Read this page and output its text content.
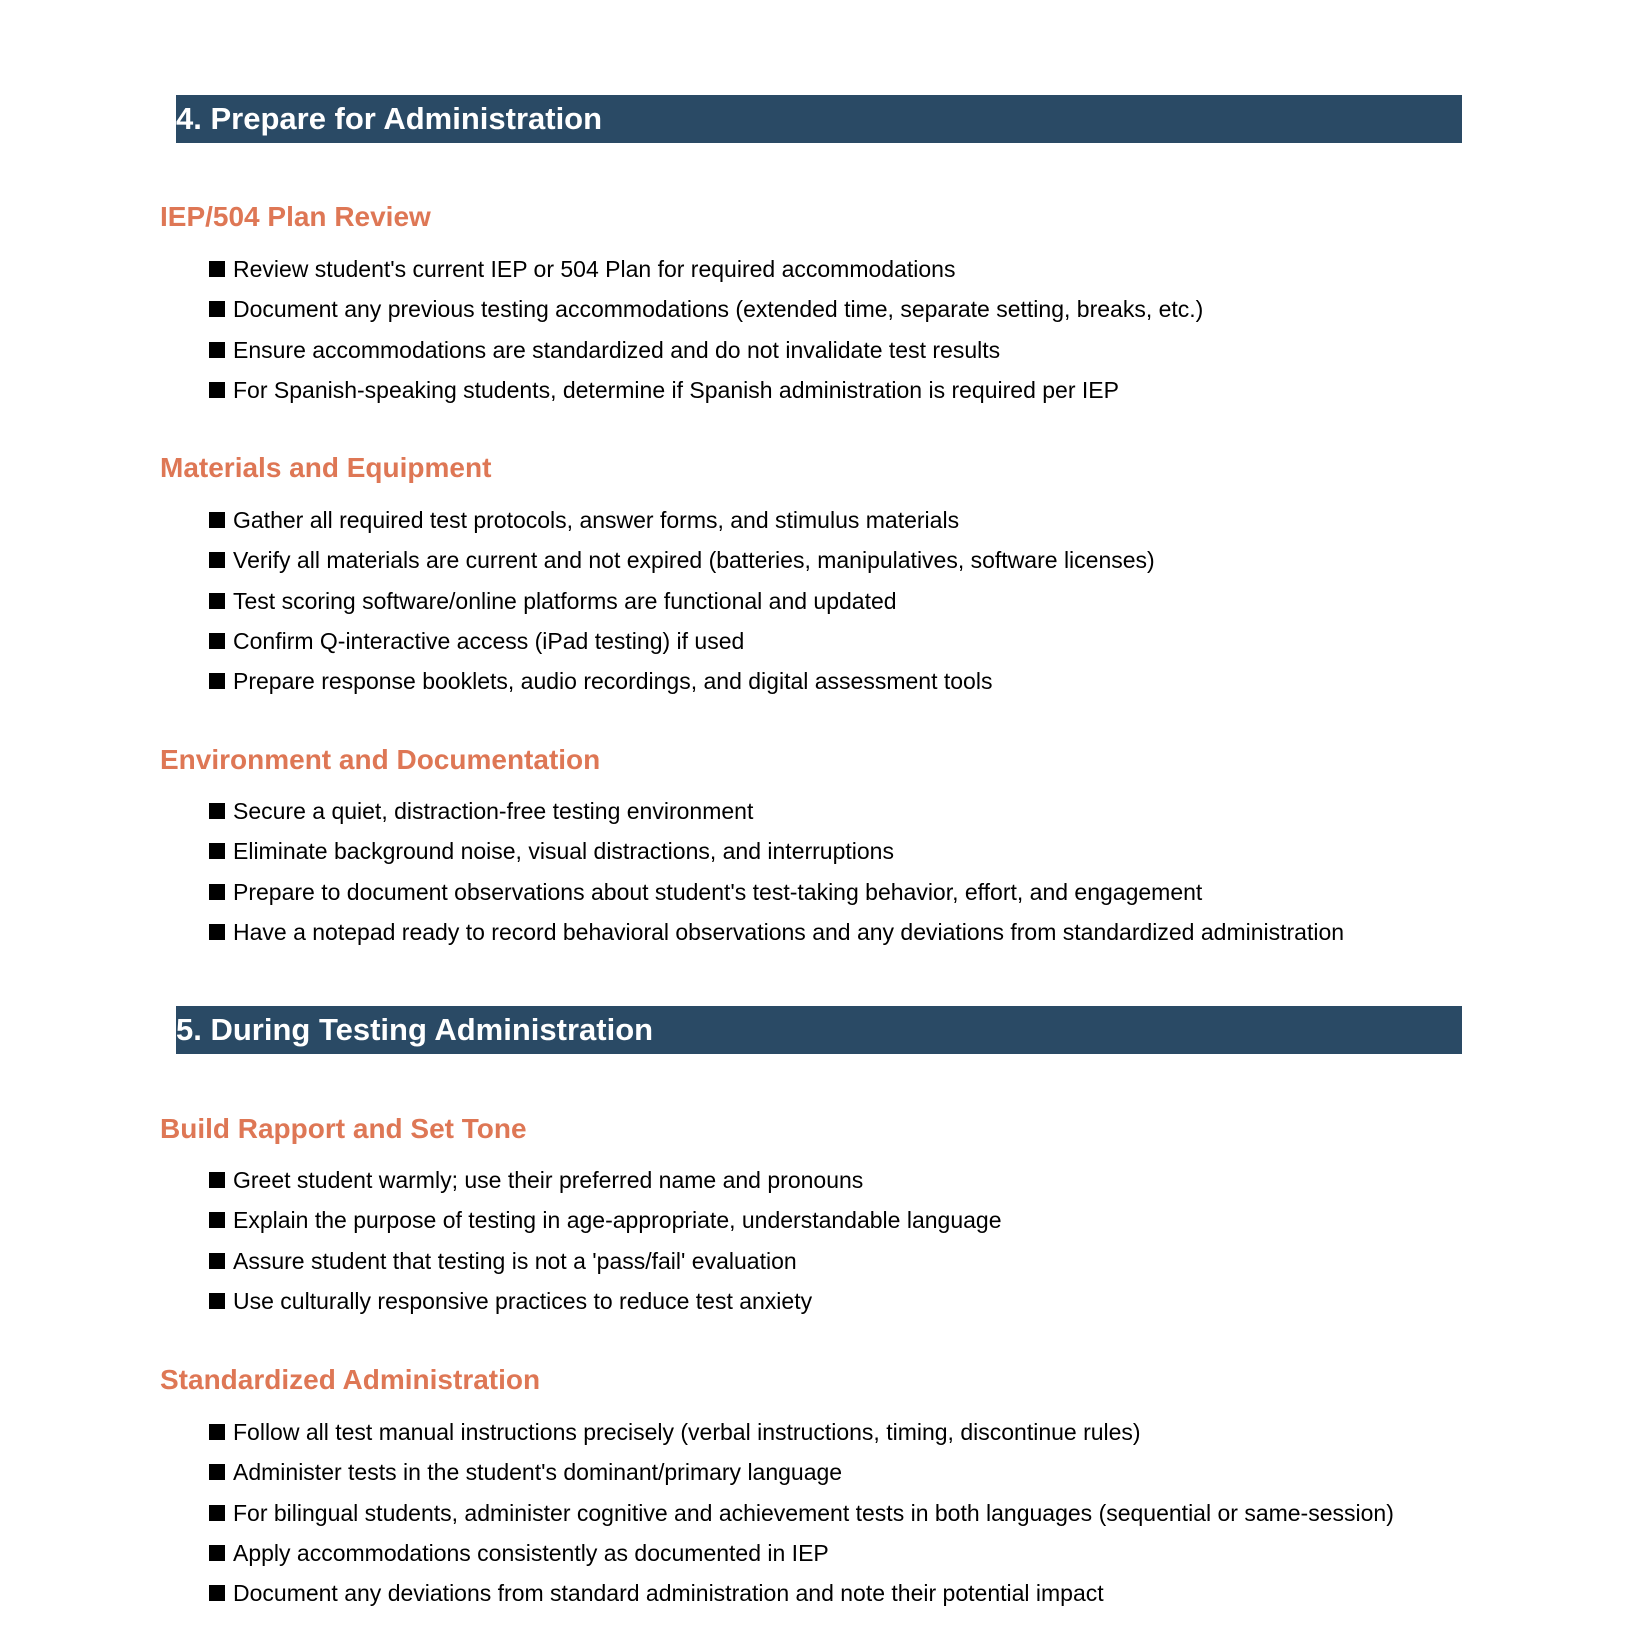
4. Prepare for Administration
IEP/504 Plan Review
Review student's current IEP or 504 Plan for required accommodations
Document any previous testing accommodations (extended time, separate setting, breaks, etc.)
Ensure accommodations are standardized and do not invalidate test results
For Spanish-speaking students, determine if Spanish administration is required per IEP
Materials and Equipment
Gather all required test protocols, answer forms, and stimulus materials
Verify all materials are current and not expired (batteries, manipulatives, software licenses)
Test scoring software/online platforms are functional and updated
Confirm Q-interactive access (iPad testing) if used
Prepare response booklets, audio recordings, and digital assessment tools
Environment and Documentation
Secure a quiet, distraction-free testing environment
Eliminate background noise, visual distractions, and interruptions
Prepare to document observations about student's test-taking behavior, effort, and engagement
Have a notepad ready to record behavioral observations and any deviations from standardized administration
5. During Testing Administration
Build Rapport and Set Tone
Greet student warmly; use their preferred name and pronouns
Explain the purpose of testing in age-appropriate, understandable language
Assure student that testing is not a 'pass/fail' evaluation
Use culturally responsive practices to reduce test anxiety
Standardized Administration
Follow all test manual instructions precisely (verbal instructions, timing, discontinue rules)
Administer tests in the student's dominant/primary language
For bilingual students, administer cognitive and achievement tests in both languages (sequential or same-session)
Apply accommodations consistently as documented in IEP
Document any deviations from standard administration and note their potential impact
